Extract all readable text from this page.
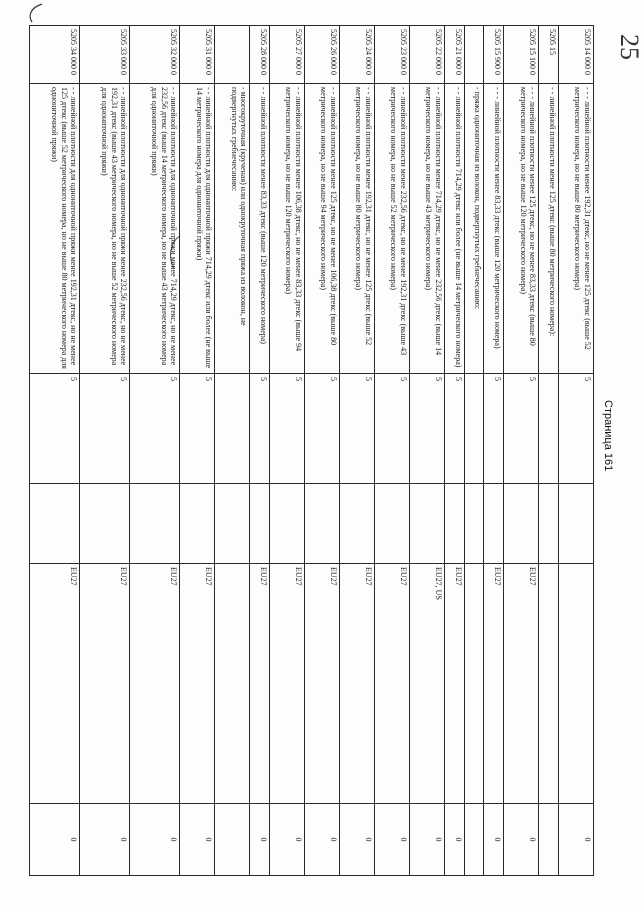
25
5205 14 000 0	- - - линейной плотности менее 192,31 дтекс, но не менее 125 дтекс (выше 52 метрического номера, но не выше 80 метрического номера)	5			0
5205 15	- - линейной плотности менее 125 дтекс (выше 80 метрического номера):				
5205 15 100 0	- - - линейной плотности менее 125 дтекс, но не менее 83,33 дтекс (выше 80 метрического номера, но не выше 120 метрического номера)	5		EU27	0
5205 15 900 0	- - - линейной плотности менее 83,33 дтекс (выше 120 метрического номера)	5		EU27	0
	- пряжа однониточная из волокон, подвергнутых гребнечесанию:				
5205 21 000 0	- - линейной плотности 714,29 дтекс или более (не выше 14 метрического номера)	5		EU27	0
5205 22 000 0	- - линейной плотности менее 714,29 дтекс, но не менее 232,56 дтекс (выше 14 метрического номера, но не выше 43 метрического номера)	5		EU27, US	0
5205 23 000 0	- - линейной плотности менее 232,56 дтекс, но не менее 192,31 дтекс (выше 43 метрического номера, но не выше 52 метрического номера)	5		EU27	0
5205 24 000 0	- - линейной плотности менее 192,31 дтекс, но не менее 125 дтекс (выше 52 метрического номера, но не выше 80 метрического номера)	5		EU27	0
5205 26 000 0	- - линейной плотности менее 125 дтекс, но не менее 106,38 дтекс (выше 80 метрического номера, но не выше 94 метрического номера)	5		EU27	0
5205 27 000 0	- - линейной плотности менее 106,38 дтекс, но не менее 83,33 дтекс (выше 94 метрического номера, но не выше 120 метрического номера)	5		EU27	0
5205 28 000 0	- - линейной плотности менее 83,33 дтекс (выше 120 метрического номера)	5		EU27	0
	- многокруточная (крученая) или однокруточная пряжа из волокон, не подвергнутых гребнечесанию:				
5205 31 000 0	- - линейной плотности для однониточной пряжи 714,29 дтекс или более (не выше 14 метрического номера для однониточной пряжи)	5		EU27	0
5205 32 000 0	- - линейной плотности для однониточной пряжи менее 714,29 дтекс, но не менее 232,56 дтекс (выше 14 метрического номера, но не выше 43 метрического номера для однониточной пряжи)	5		EU27	0
5205 33 000 0	- - линейной плотности для однониточной пряжи менее 232,56 дтекс, но не менее 192,31 дтекс (выше 43 метрического номера, но не выше 52 метрического номера для однониточной пряжи)	5		EU27	0
5205 34 000 0	- - линейной плотности для однониточной пряжи менее 192,31 дтекс, но не менее 125 дтекс (выше 52 метрического номера, но не выше 80 метрического номера для однониточной пряжи)	5		EU27	0
Страница 161
